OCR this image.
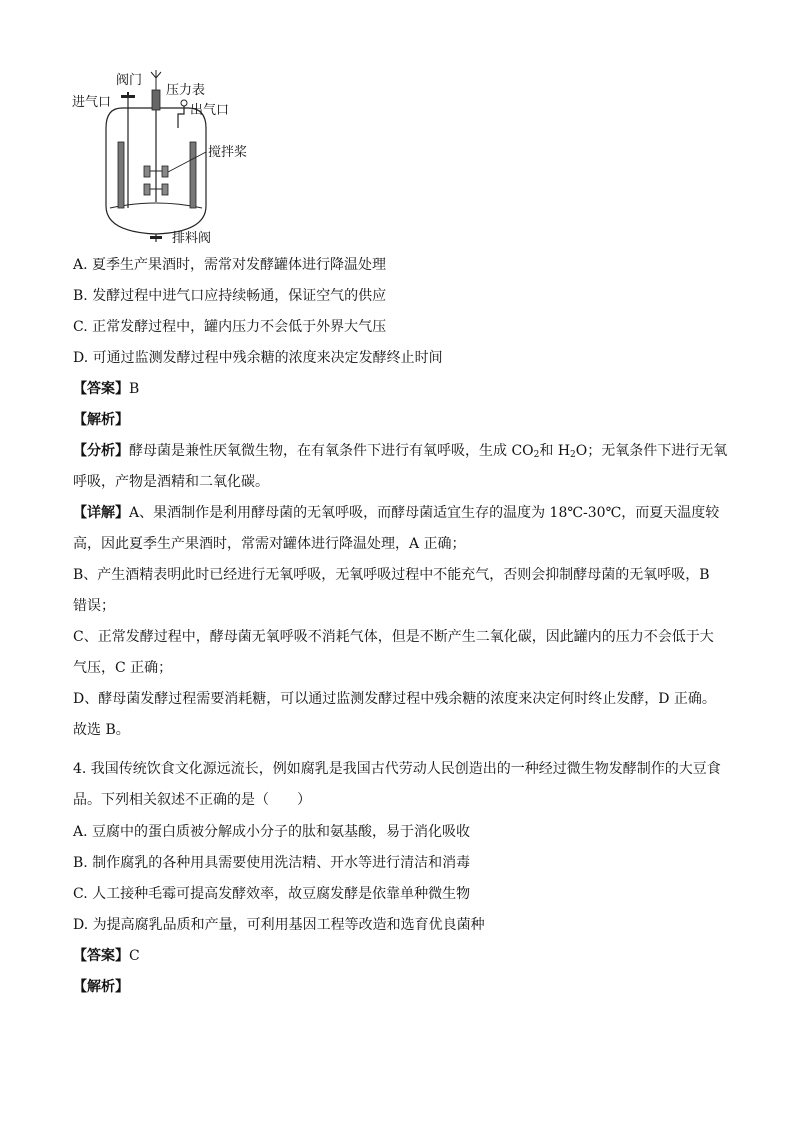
阀门
进气口
压力表
出气口
搅拌桨
排料阀
A. 夏季生产果酒时，需常对发酵罐体进行降温处理
B. 发酵过程中进气口应持续畅通，保证空气的供应
C. 正常发酵过程中，罐内压力不会低于外界大气压
D. 可通过监测发酵过程中残余糖的浓度来决定发酵终止时间
【答案】B
【解析】
【分析】酵母菌是兼性厌氧微生物，在有氧条件下进行有氧呼吸，生成 $CO_2$和 $H_2O$；无氧条件下进行无氧
呼吸，产物是酒精和二氧化碳。
【详解】A、果酒制作是利用酵母菌的无氧呼吸，而酵母菌适宜生存的温度为 18℃-30℃，而夏天温度较
高，因此夏季生产果酒时，常需对罐体进行降温处理，A 正确；
B、产生酒精表明此时已经进行无氧呼吸，无氧呼吸过程中不能充气，否则会抑制酵母菌的无氧呼吸，B
错误；
C、正常发酵过程中，酵母菌无氧呼吸不消耗气体，但是不断产生二氧化碳，因此罐内的压力不会低于大
气压，C 正确；
D、酵母菌发酵过程需要消耗糖，可以通过监测发酵过程中残余糖的浓度来决定何时终止发酵，D 正确。
故选 B。
4. 我国传统饮食文化源远流长，例如腐乳是我国古代劳动人民创造出的一种经过微生物发酵制作的大豆食
品。下列相关叙述不正确的是（　　）
A. 豆腐中的蛋白质被分解成小分子的肽和氨基酸，易于消化吸收
B. 制作腐乳的各种用具需要使用洗洁精、开水等进行清洁和消毒
C. 人工接种毛霉可提高发酵效率，故豆腐发酵是依靠单种微生物
D. 为提高腐乳品质和产量，可利用基因工程等改造和选育优良菌种
【答案】C
【解析】
